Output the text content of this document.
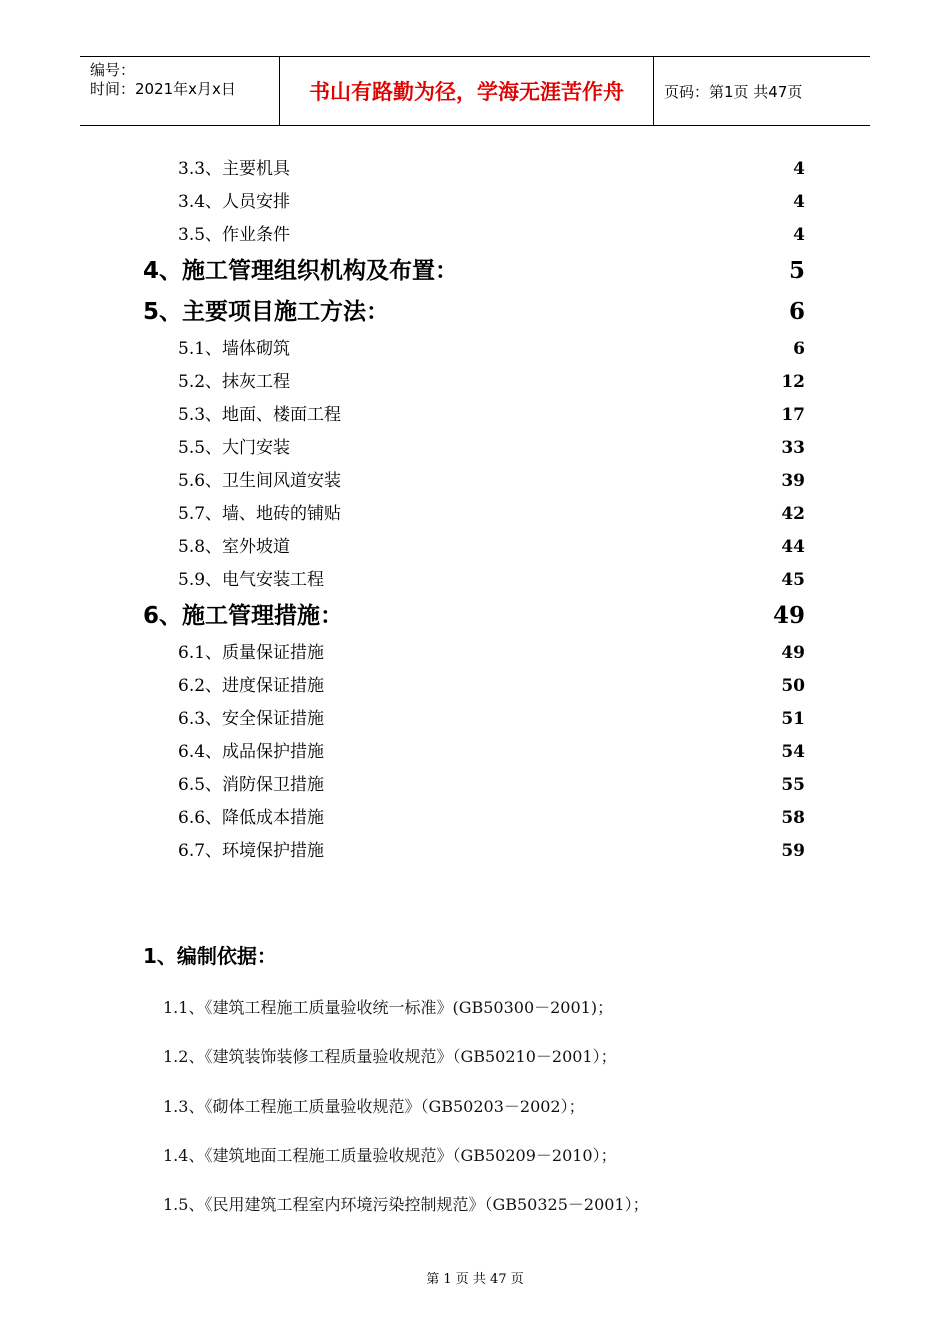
编号：
时间：2021年x月x日	书山有路勤为径，学海无涯苦作舟	页码：第1页 共47页
3.3、主要机具	4
3.4、人员安排	4
3.5、作业条件	4
4、施工管理组织机构及布置：	5
5、主要项目施工方法：	6
5.1、墙体砌筑	6
5.2、抹灰工程	12
5.3、地面、楼面工程	17
5.5、大门安装	33
5.6、卫生间风道安装	39
5.7、墙、地砖的铺贴	42
5.8、室外坡道	44
5.9、电气安装工程	45
6、施工管理措施：	49
6.1、质量保证措施	49
6.2、进度保证措施	50
6.3、安全保证措施	51
6.4、成品保护措施	54
6.5、消防保卫措施	55
6.6、降低成本措施	58
6.7、环境保护措施	59
1、编制依据：
1.1、《建筑工程施工质量验收统一标准》(GB50300－2001)；
1.2、《建筑装饰装修工程质量验收规范》（GB50210－2001）；
1.3、《砌体工程施工质量验收规范》（GB50203－2002）；
1.4、《建筑地面工程施工质量验收规范》（GB50209－2010）；
1.5、《民用建筑工程室内环境污染控制规范》（GB50325－2001）；
第 1 页 共 47 页
